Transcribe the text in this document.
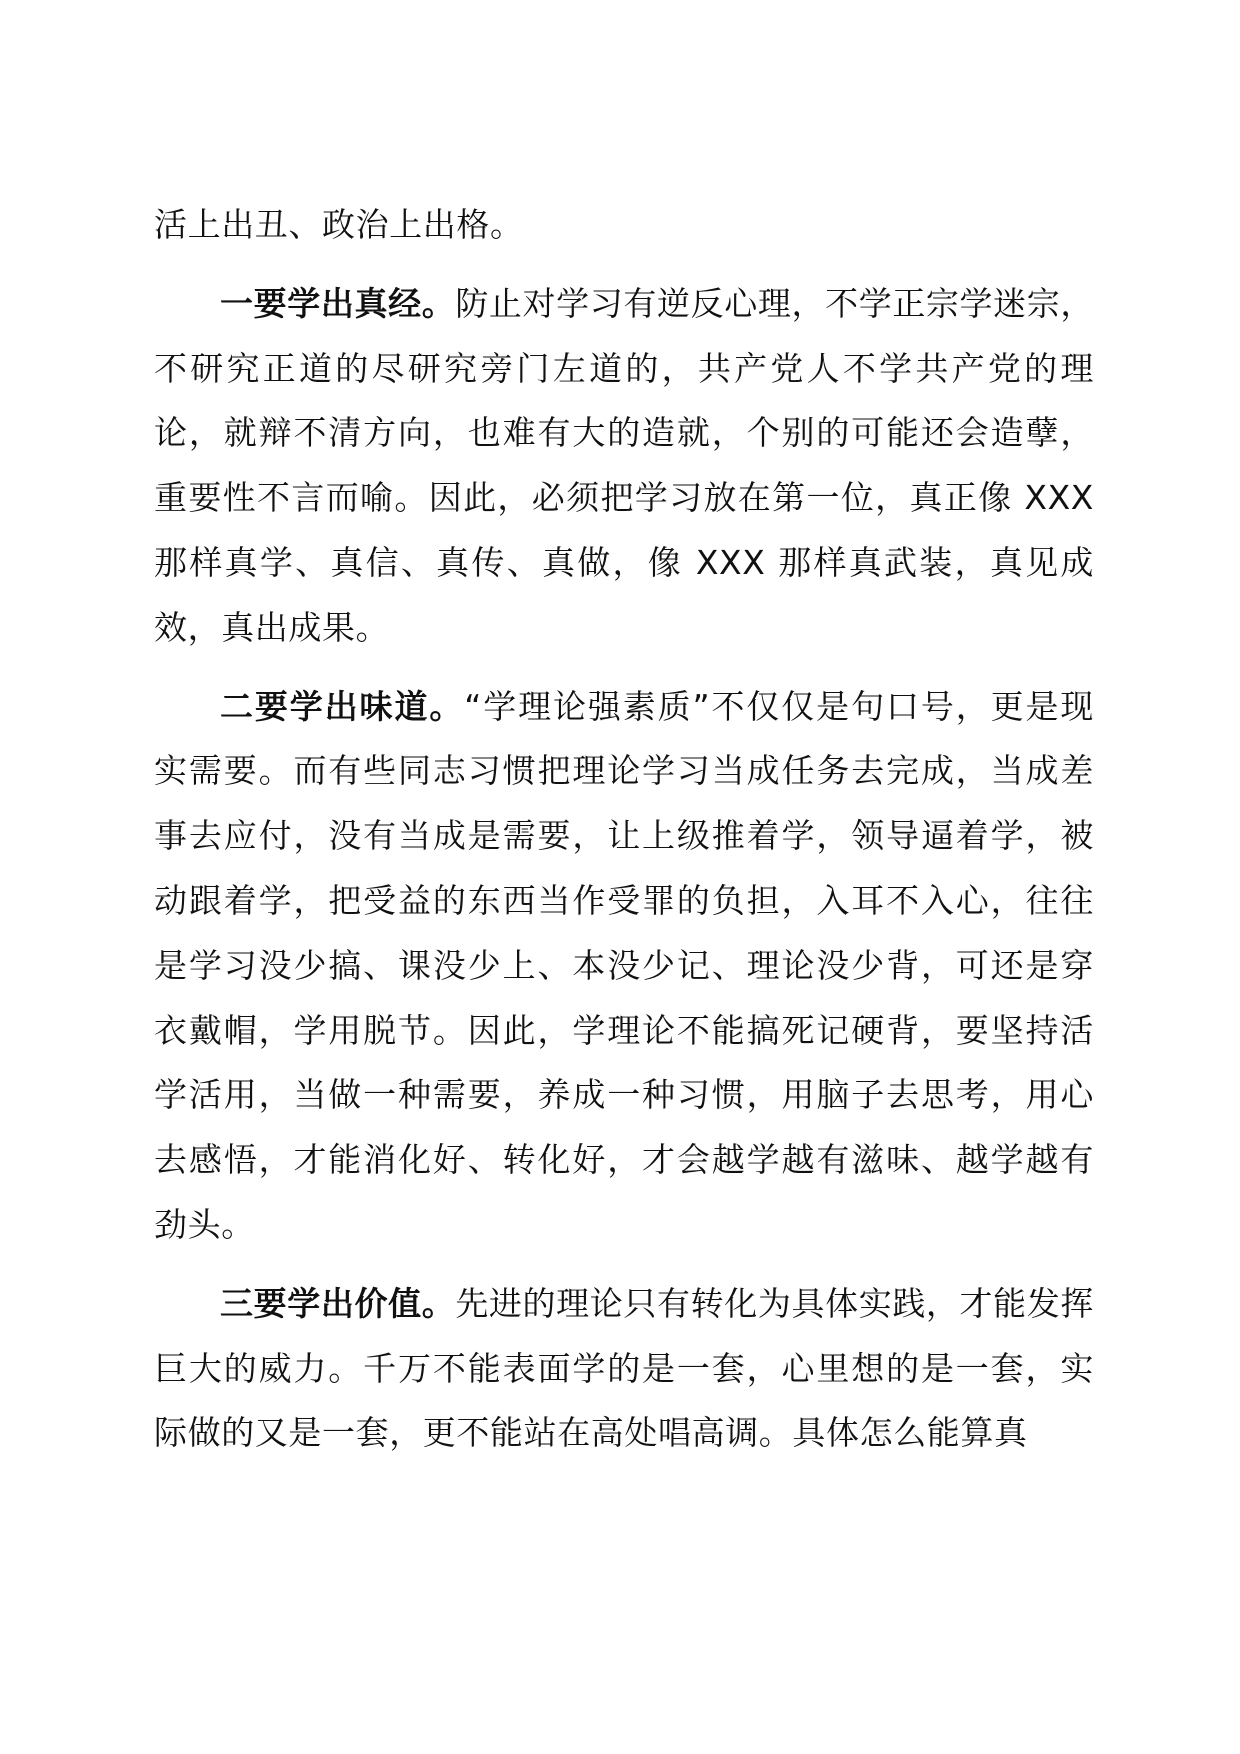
活上出丑、政治上出格。

一要学出真经。防止对学习有逆反心理，不学正宗学迷宗，不研究正道的尽研究旁门左道的，共产党人不学共产党的理论，就辩不清方向，也难有大的造就，个别的可能还会造孽，重要性不言而喻。因此，必须把学习放在第一位，真正像 XXX 那样真学、真信、真传、真做，像 XXX 那样真武装，真见成效，真出成果。

二要学出味道。“学理论强素质”不仅仅是句口号，更是现实需要。而有些同志习惯把理论学习当成任务去完成，当成差事去应付，没有当成是需要，让上级推着学，领导逼着学，被动跟着学，把受益的东西当作受罪的负担，入耳不入心，往往是学习没少搞、课没少上、本没少记、理论没少背，可还是穿衣戴帽，学用脱节。因此，学理论不能搞死记硬背，要坚持活学活用，当做一种需要，养成一种习惯，用脑子去思考，用心去感悟，才能消化好、转化好，才会越学越有滋味、越学越有劲头。

三要学出价值。先进的理论只有转化为具体实践，才能发挥巨大的威力。千万不能表面学的是一套，心里想的是一套，实际做的又是一套，更不能站在高处唱高调。具体怎么能算真
